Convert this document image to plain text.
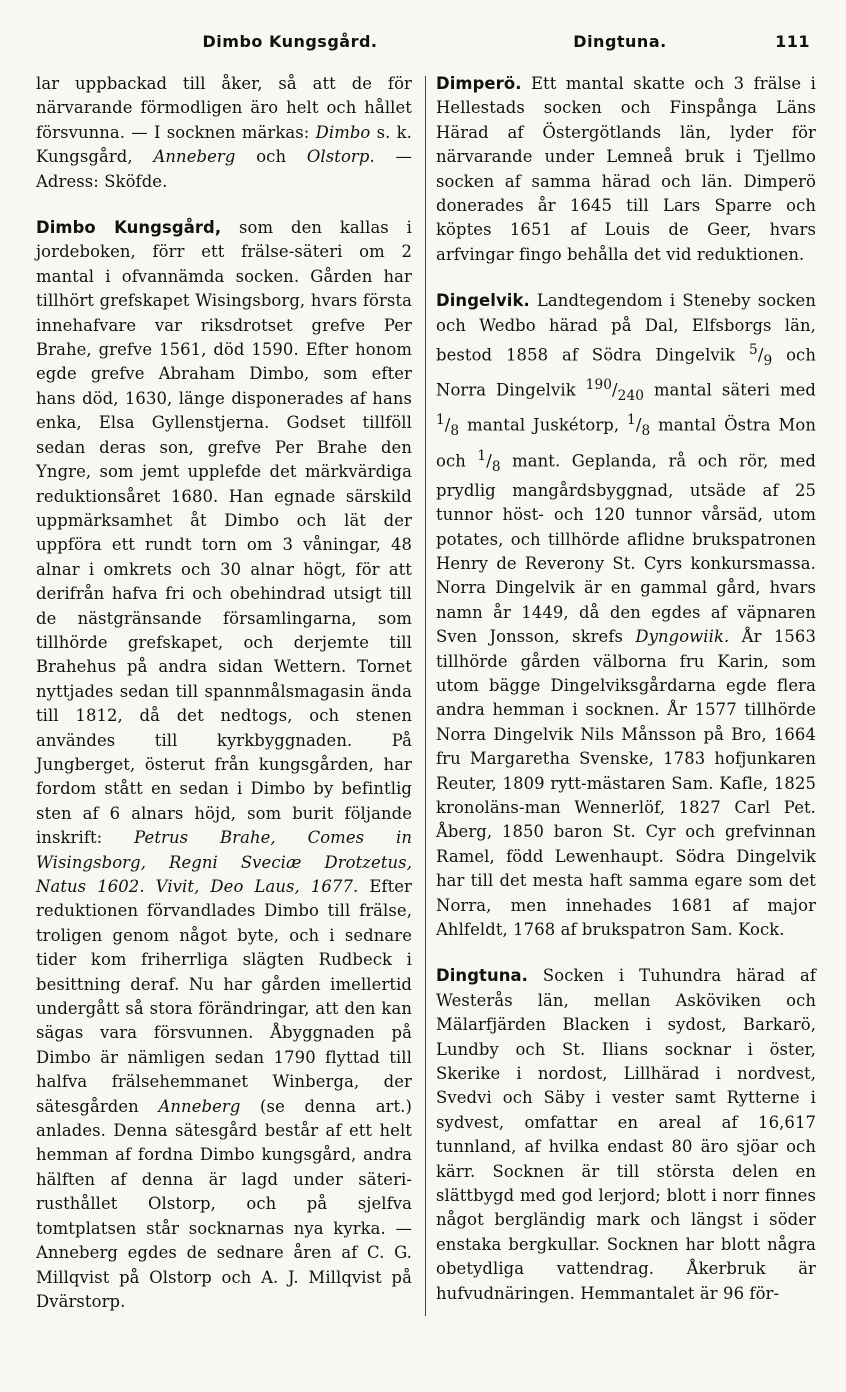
Dimbo Kungsgård.	Dingtuna.	111

lar uppbackad till åker, så att de för närvarande förmodligen äro helt och hållet försvunna. — I socknen märkas: Dimbo s. k. Kungsgård, Anneberg och Olstorp. — Adress: Sköfde.

Dimbo Kungsgård, som den kallas i jordeboken, förr ett frälse-säteri om 2 mantal i ofvannämda socken. Gården har tillhört grefskapet Wisingsborg, hvars första innehafvare var riksdrotset grefve Per Brahe, grefve 1561, död 1590. Efter honom egde grefve Abraham Dimbo, som efter hans död, 1630, länge disponerades af hans enka, Elsa Gyllenstjerna. Godset tillföll sedan deras son, grefve Per Brahe den Yngre, som jemt upplefde det märkvärdiga reduktionsåret 1680. Han egnade särskild uppmärksamhet åt Dimbo och lät der uppföra ett rundt torn om 3 våningar, 48 alnar i omkrets och 30 alnar högt, för att derifrån hafva fri och obehindrad utsigt till de nästgränsande församlingarna, som tillhörde grefskapet, och derjemte till Brahehus på andra sidan Wettern. Tornet nyttjades sedan till spannmålsmagasin ända till 1812, då det nedtogs, och stenen användes till kyrkbyggnaden. På Jungberget, österut från kungsgården, har fordom stått en sedan i Dimbo by befintlig sten af 6 alnars höjd, som burit följande inskrift: Petrus Brahe, Comes in Wisingsborg, Regni Sveciæ Drotzetus, Natus 1602. Vivit, Deo Laus, 1677. Efter reduktionen förvandlades Dimbo till frälse, troligen genom något byte, och i sednare tider kom friherrliga slägten Rudbeck i besittning deraf. Nu har gården imellertid undergått så stora förändringar, att den kan sägas vara försvunnen. Åbyggnaden på Dimbo är nämligen sedan 1790 flyttad till halfva frälsehemmanet Winberga, der sätesgården Anneberg (se denna art.) anlades. Denna sätesgård består af ett helt hemman af fordna Dimbo kungsgård, andra hälften af denna är lagd under säteri-rusthållet Olstorp, och på sjelfva tomtplatsen står socknarnas nya kyrka. — Anneberg egdes de sednare åren af C. G. Millqvist på Olstorp och A. J. Millqvist på Dvärstorp.

Dimperö. Ett mantal skatte och 3 frälse i Hellestads socken och Finspånga Läns Härad af Östergötlands län, lyder för närvarande under Lemneå bruk i Tjellmo socken af samma härad och län. Dimperö donerades år 1645 till Lars Sparre och köptes 1651 af Louis de Geer, hvars arfvingar fingo behålla det vid reduktionen.

Dingelvik. Landtegendom i Steneby socken och Wedbo härad på Dal, Elfsborgs län, bestod 1858 af Södra Dingelvik $^5/_9$ och Norra Dingelvik $^{190}/_{240}$ mantal säteri med $^1/_8$ mantal Juskétorp, $^1/_8$ mantal Östra Mon och $^1/_8$ mant. Geplanda, rå och rör, med prydlig mangårdsbyggnad, utsäde af 25 tunnor höst- och 120 tunnor vårsäd, utom potates, och tillhörde aflidne brukspatronen Henry de Reverony St. Cyrs konkursmassa. Norra Dingelvik är en gammal gård, hvars namn år 1449, då den egdes af väpnaren Sven Jonsson, skrefs Dyngowiik. År 1563 tillhörde gården välborna fru Karin, som utom bägge Dingelviksgårdarna egde flera andra hemman i socknen. År 1577 tillhörde Norra Dingelvik Nils Månsson på Bro, 1664 fru Margaretha Svenske, 1783 hofjunkaren Reuter, 1809 rytt-mästaren Sam. Kafle, 1825 kronoläns-man Wennerlöf, 1827 Carl Pet. Åberg, 1850 baron St. Cyr och grefvinnan Ramel, född Lewenhaupt. Södra Dingelvik har till det mesta haft samma egare som det Norra, men innehades 1681 af major Ahlfeldt, 1768 af brukspatron Sam. Kock.

Dingtuna. Socken i Tuhundra härad af Westerås län, mellan Asköviken och Mälarfjärden Blacken i sydost, Barkarö, Lundby och St. Ilians socknar i öster, Skerike i nordost, Lillhärad i nordvest, Svedvi och Säby i vester samt Rytterne i sydvest, omfattar en areal af 16,617 tunnland, af hvilka endast 80 äro sjöar och kärr. Socknen är till största delen en slättbygd med god lerjord; blott i norr finnes något bergländig mark och längst i söder enstaka bergkullar. Socknen har blott några obetydliga vattendrag. Åkerbruk är hufvudnäringen. Hemmantalet är 96 för-
